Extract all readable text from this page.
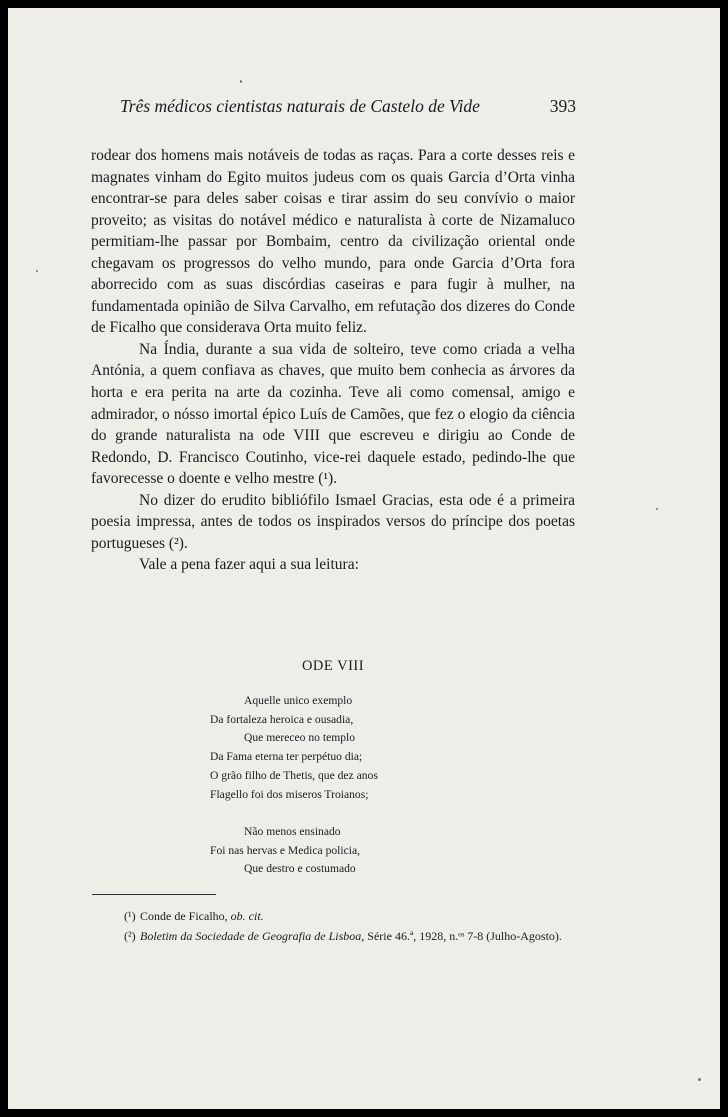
Três médicos cientistas naturais de Castelo de Vide	393

rodear dos homens mais notáveis de todas as raças. Para a corte desses reis e magnates vinham do Egito muitos judeus com os quais Garcia d’Orta vinha encontrar-se para deles saber coisas e tirar assim do seu convívio o maior proveito; as visitas do notável médico e naturalista à corte de Nizamaluco permitiam-lhe passar por Bombaim, centro da civilização oriental onde chegavam os progressos do velho mundo, para onde Garcia d’Orta fora aborrecido com as suas discórdias caseiras e para fugir à mulher, na fundamentada opinião de Silva Carvalho, em refutação dos dizeres do Conde de Ficalho que considerava Orta muito feliz.

Na Índia, durante a sua vida de solteiro, teve como criada a velha Antónia, a quem confiava as chaves, que muito bem conhecia as árvores da horta e era perita na arte da cozinha. Teve ali como comensal, amigo e admirador, o nósso imortal épico Luís de Camões, que fez o elogio da ciência do grande naturalista na ode VIII que escreveu e dirigiu ao Conde de Redondo, D. Francisco Coutinho, vice-rei daquele estado, pedindo-lhe que favorecesse o doente e velho mestre (¹).

No dizer do erudito bibliófilo Ismael Gracias, esta ode é a primeira poesia impressa, antes de todos os inspirados versos do príncipe dos poetas portugueses (²).

Vale a pena fazer aqui a sua leitura:

ODE VIII
Aquelle unico exemplo
Da fortaleza heroica e ousadia,
Que mereceo no templo
Da Fama eterna ter perpétuo dia;
O grão filho de Thetis, que dez anos
Flagello foi dos miseros Troianos;
Não menos ensinado
Foi nas hervas e Medica policia,
Que destro e costumado
(¹) Conde de Ficalho, ob. cit.
(²) Boletim da Sociedade de Geografia de Lisboa, Série 46.ª, 1928, n.ᵒˢ 7-8 (Julho-Agosto).
